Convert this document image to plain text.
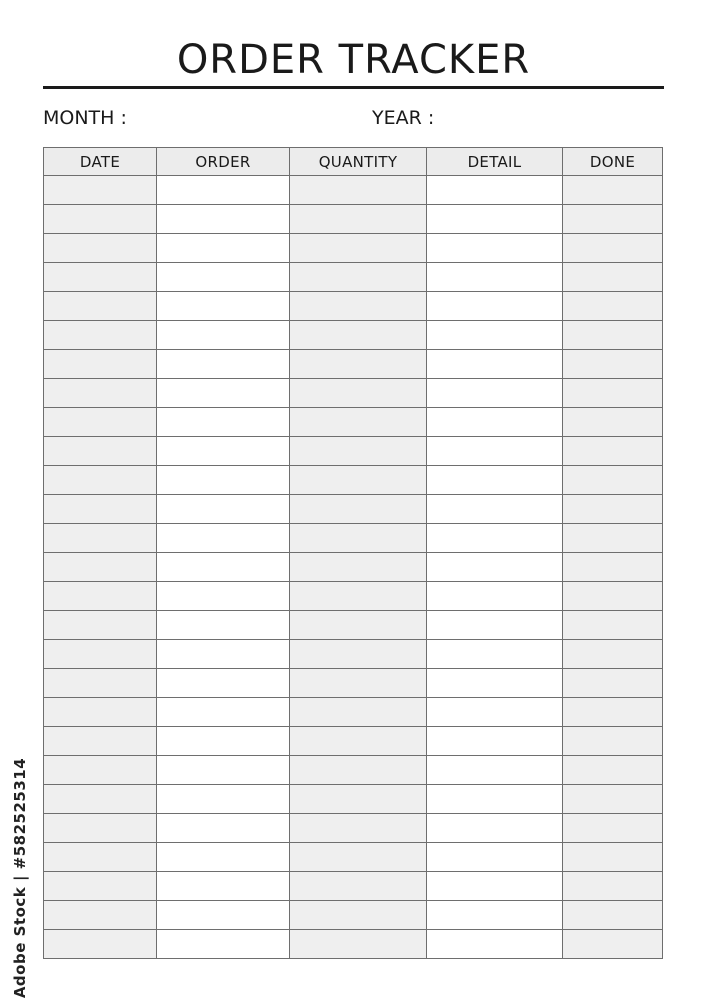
ORDER TRACKER
MONTH :	YEAR :
DATE	ORDER	QUANTITY	DETAIL	DONE

Adobe Stock | #582525314
